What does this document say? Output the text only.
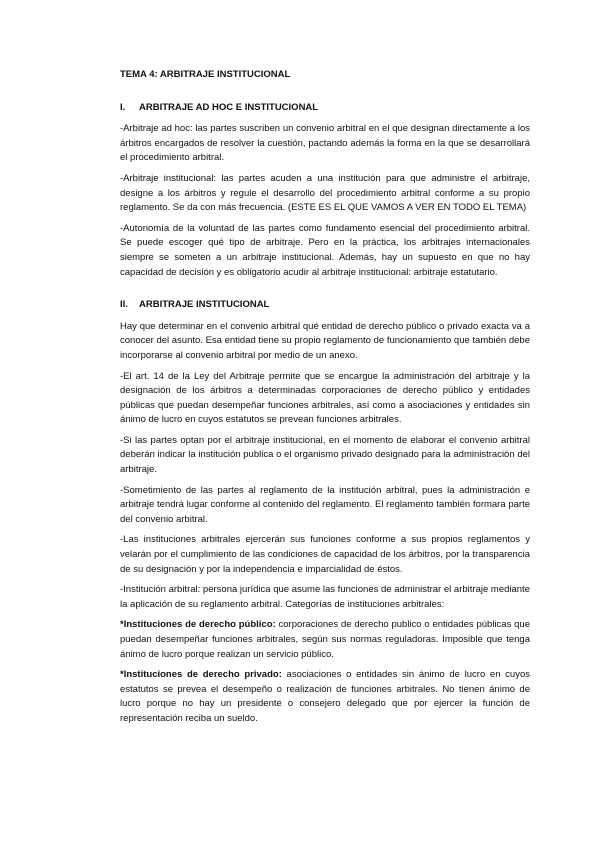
TEMA 4: ARBITRAJE INSTITUCIONAL
I. ARBITRAJE AD HOC E INSTITUCIONAL

-Arbitraje ad hoc: las partes suscriben un convenio arbitral en el que designan directamente a los árbitros encargados de resolver la cuestión, pactando además la forma en la que se desarrollará el procedimiento arbitral.

-Arbitraje institucional: las partes acuden a una institución para que administre el arbitraje, designe a los árbitros y regule el desarrollo del procedimiento arbitral conforme a su propio reglamento. Se da con más frecuencia. (ESTE ES EL QUE VAMOS A VER EN TODO EL TEMA)

-Autonomía de la voluntad de las partes como fundamento esencial del procedimiento arbitral. Se puede escoger qué tipo de arbitraje. Pero en la práctica, los arbitrajes internacionales siempre se someten a un arbitraje institucional. Además, hay un supuesto en que no hay capacidad de decisión y es obligatorio acudir al arbitraje institucional: arbitraje estatutario.

II. ARBITRAJE INSTITUCIONAL

Hay que determinar en el convenio arbitral qué entidad de derecho público o privado exacta va a conocer del asunto. Esa entidad tiene su propio reglamento de funcionamiento que también debe incorporarse al convenio arbitral por medio de un anexo.

-El art. 14 de la Ley del Arbitraje permite que se encargue la administración del arbitraje y la designación de los árbitros a determinadas corporaciones de derecho público y entidades públicas que puedan desempeñar funciones arbitrales, así como a asociaciones y entidades sin ánimo de lucro en cuyos estatutos se prevean funciones arbitrales.

-Si las partes optan por el arbitraje institucional, en el momento de elaborar el convenio arbitral deberán indicar la institución publica o el organismo privado designado para la administración del arbitraje.

-Sometimiento de las partes al reglamento de la institución arbitral, pues la administración e arbitraje tendrá lugar conforme al contenido del reglamento. El reglamento también formara parte del convenio arbitral.

-Las instituciones arbitrales ejercerán sus funciones conforme a sus propios reglamentos y velarán por el cumplimiento de las condiciones de capacidad de los árbitros, por la transparencia de su designación y por la independencia e imparcialidad de éstos.

-Institución arbitral: persona jurídica que asume las funciones de administrar el arbitraje mediante la aplicación de su reglamento arbitral. Categorías de instituciones arbitrales:

*Instituciones de derecho público: corporaciones de derecho publico o entidades públicas que puedan desempeñar funciones arbitrales, según sus normas reguladoras. Imposible que tenga ánimo de lucro porque realizan un servicio público.

*Instituciones de derecho privado: asociaciones o entidades sin ánimo de lucro en cuyos estatutos se prevea el desempeño o realización de funciones arbitrales. No tienen ánimo de lucro porque no hay un presidente o consejero delegado que por ejercer la función de representación reciba un sueldo.
